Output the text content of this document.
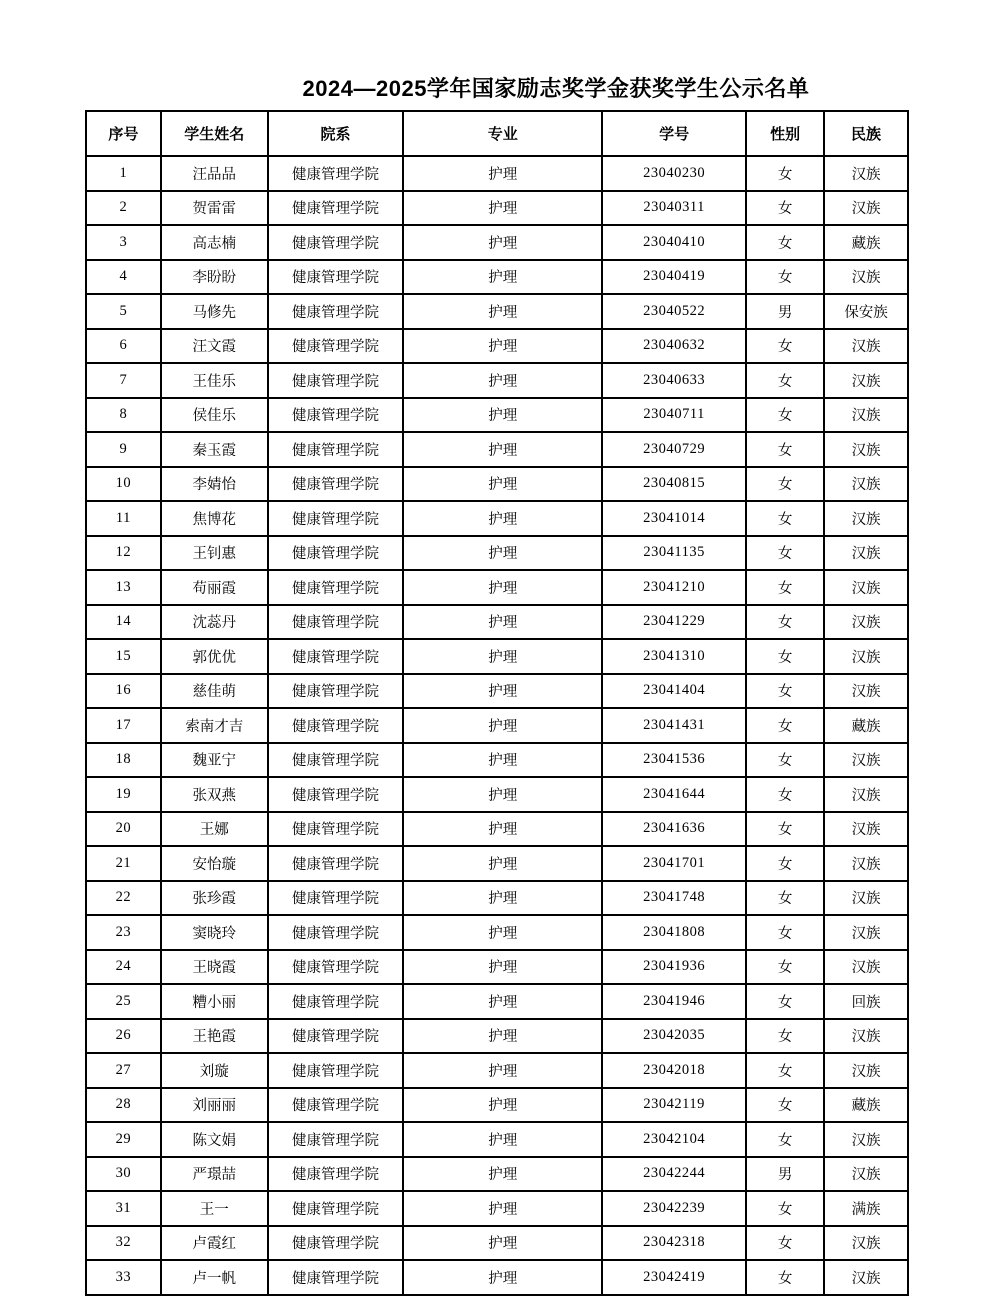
2024—2025学年国家励志奖学金获奖学生公示名单
序号	学生姓名	院系	专业	学号	性别	民族
1	汪品品	健康管理学院	护理	23040230	女	汉族
2	贺雷雷	健康管理学院	护理	23040311	女	汉族
3	高志楠	健康管理学院	护理	23040410	女	藏族
4	李盼盼	健康管理学院	护理	23040419	女	汉族
5	马修先	健康管理学院	护理	23040522	男	保安族
6	汪文霞	健康管理学院	护理	23040632	女	汉族
7	王佳乐	健康管理学院	护理	23040633	女	汉族
8	侯佳乐	健康管理学院	护理	23040711	女	汉族
9	秦玉霞	健康管理学院	护理	23040729	女	汉族
10	李婧怡	健康管理学院	护理	23040815	女	汉族
11	焦博花	健康管理学院	护理	23041014	女	汉族
12	王钊惠	健康管理学院	护理	23041135	女	汉族
13	苟丽霞	健康管理学院	护理	23041210	女	汉族
14	沈蕊丹	健康管理学院	护理	23041229	女	汉族
15	郭优优	健康管理学院	护理	23041310	女	汉族
16	慈佳萌	健康管理学院	护理	23041404	女	汉族
17	索南才吉	健康管理学院	护理	23041431	女	藏族
18	魏亚宁	健康管理学院	护理	23041536	女	汉族
19	张双燕	健康管理学院	护理	23041644	女	汉族
20	王娜	健康管理学院	护理	23041636	女	汉族
21	安怡璇	健康管理学院	护理	23041701	女	汉族
22	张珍霞	健康管理学院	护理	23041748	女	汉族
23	窦晓玲	健康管理学院	护理	23041808	女	汉族
24	王晓霞	健康管理学院	护理	23041936	女	汉族
25	糟小丽	健康管理学院	护理	23041946	女	回族
26	王艳霞	健康管理学院	护理	23042035	女	汉族
27	刘璇	健康管理学院	护理	23042018	女	汉族
28	刘丽丽	健康管理学院	护理	23042119	女	藏族
29	陈文娟	健康管理学院	护理	23042104	女	汉族
30	严璟喆	健康管理学院	护理	23042244	男	汉族
31	王一	健康管理学院	护理	23042239	女	满族
32	卢霞红	健康管理学院	护理	23042318	女	汉族
33	卢一帆	健康管理学院	护理	23042419	女	汉族
